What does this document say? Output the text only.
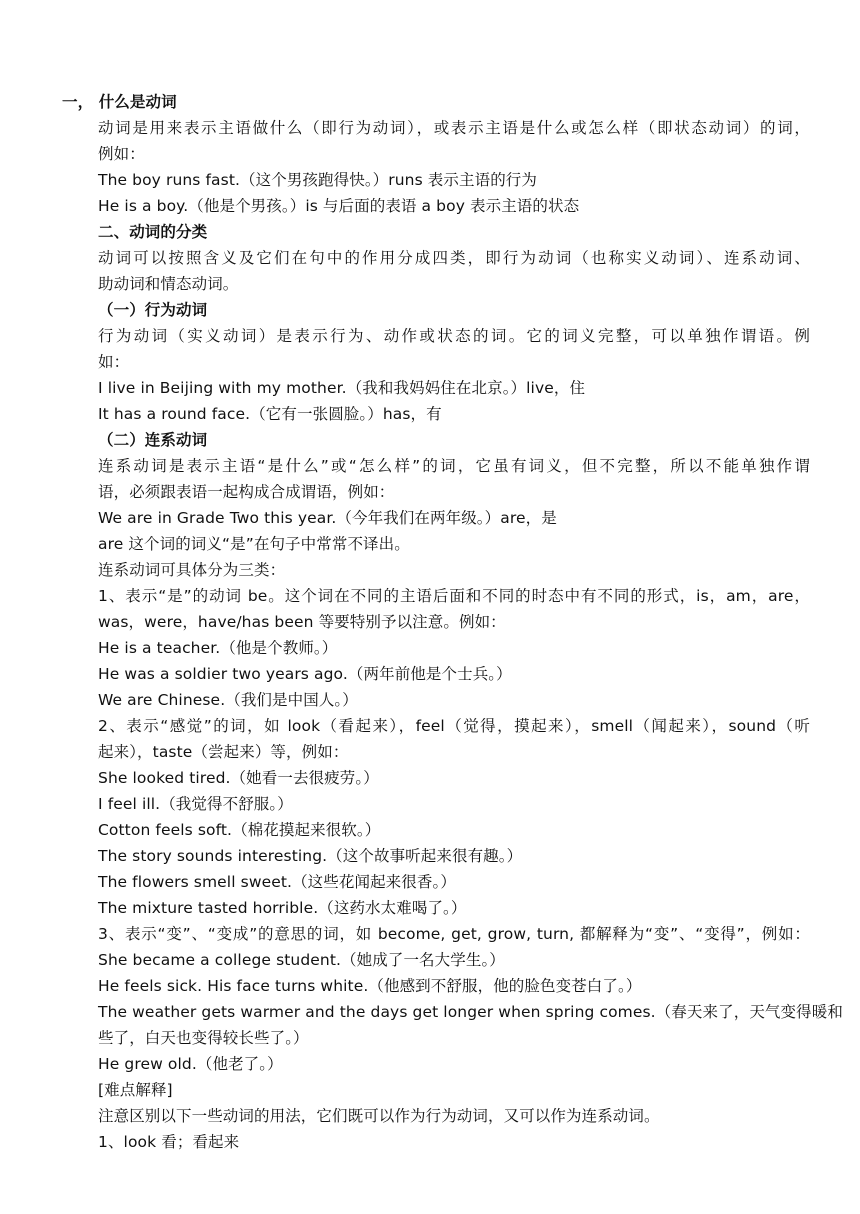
一， 什么是动词
动词是用来表示主语做什么（即行为动词），或表示主语是什么或怎么样（即状态动词）的词，
例如：
The boy runs fast.（这个男孩跑得快。）runs 表示主语的行为
He is a boy.（他是个男孩。）is 与后面的表语 a boy 表示主语的状态
二、动词的分类
动词可以按照含义及它们在句中的作用分成四类，即行为动词（也称实义动词）、连系动词、
助动词和情态动词。
（一）行为动词
行为动词（实义动词）是表示行为、动作或状态的词。它的词义完整，可以单独作谓语。例
如：
I live in Beijing with my mother.（我和我妈妈住在北京。）live，住
It has a round face.（它有一张圆脸。）has，有
（二）连系动词
连系动词是表示主语“是什么”或“怎么样”的词，它虽有词义，但不完整，所以不能单独作谓
语，必须跟表语一起构成合成谓语，例如：
We are in Grade Two this year.（今年我们在两年级。）are，是
are 这个词的词义“是”在句子中常常不译出。
连系动词可具体分为三类：
1、表示“是”的动词 be。这个词在不同的主语后面和不同的时态中有不同的形式，is，am，are，
was，were，have/has been 等要特别予以注意。例如：
He is a teacher.（他是个教师。）
He was a soldier two years ago.（两年前他是个士兵。）
We are Chinese.（我们是中国人。）
2、表示“感觉”的词，如 look（看起来），feel（觉得，摸起来），smell（闻起来），sound（听
起来），taste（尝起来）等，例如：
She looked tired.（她看一去很疲劳。）
I feel ill.（我觉得不舒服。）
Cotton feels soft.（棉花摸起来很软。）
The story sounds interesting.（这个故事听起来很有趣。）
The flowers smell sweet.（这些花闻起来很香。）
The mixture tasted horrible.（这药水太难喝了。）
3、表示“变”、“变成”的意思的词，如 become, get, grow, turn, 都解释为“变”、“变得”，例如：
She became a college student.（她成了一名大学生。）
He feels sick. His face turns white.（他感到不舒服，他的脸色变苍白了。）
The weather gets warmer and the days get longer when spring comes.（春天来了，天气变得暖和
些了，白天也变得较长些了。）
He grew old.（他老了。）
[难点解释]
注意区别以下一些动词的用法，它们既可以作为行为动词，又可以作为连系动词。
1、look 看；看起来
